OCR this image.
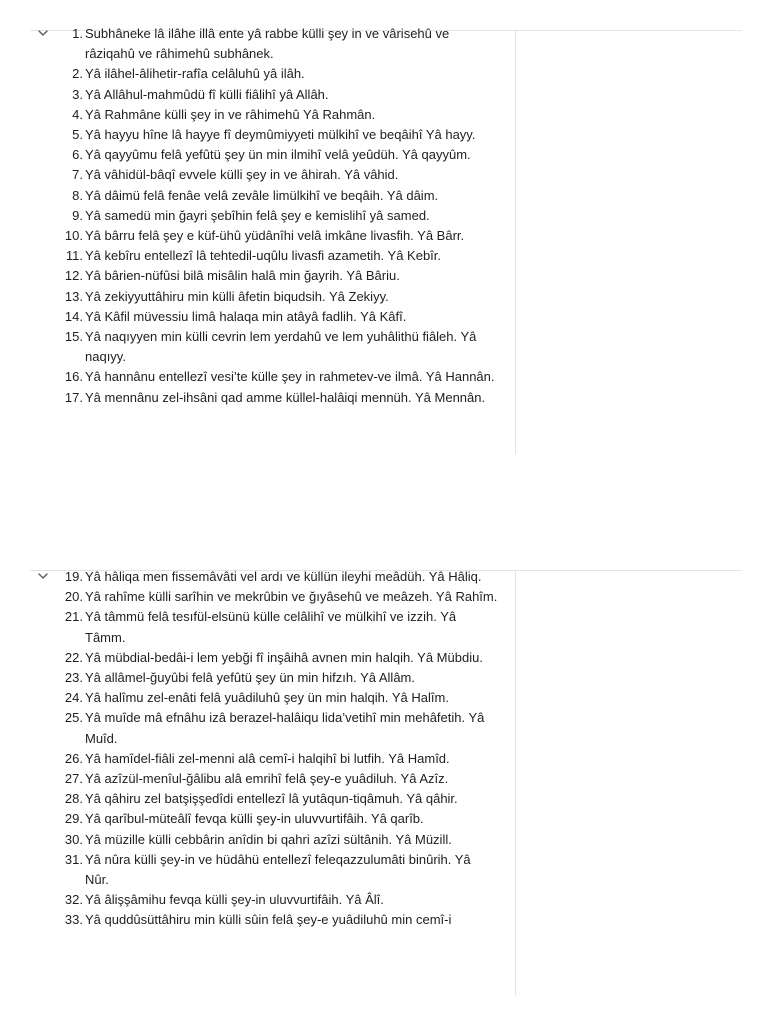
1. Subhâneke lâ ilâhe illâ ente yâ rabbe külli şey in ve vârisehû ve râziqahû ve râhimehû subhânek.
2. Yâ ilâhel-âlihetir-rafîa celâluhû yâ ilâh.
3. Yâ Allâhul-mahmûdü fî külli fiâlihî yâ Allâh.
4. Yâ Rahmâne külli şey in ve râhimehû Yâ Rahmân.
5. Yâ hayyu hîne lâ hayye fî deymûmiyyeti mülkihî ve beqâihî Yâ hayy.
6. Yâ qayyûmu felâ yefûtü şey ün min ilmihî velâ yeûdüh. Yâ qayyûm.
7. Yâ vâhidül-bâqî evvele külli şey in ve âhirah. Yâ vâhid.
8. Yâ dâimü felâ fenâe velâ zevâle limülkihî ve beqâih. Yâ dâim.
9. Yâ samedü min ğayri şebîhin felâ şey e kemislihî yâ samed.
10. Yâ bârru felâ şey e küf-ühû yüdânîhi velâ imkâne livasfih. Yâ Bârr.
11. Yâ kebîru entellezî lâ tehtedil-uqûlu livasfi azametih. Yâ Kebîr.
12. Yâ bârien-nüfûsi bilâ misâlin halâ min ğayrih. Yâ Bâriu.
13. Yâ zekiyyuttâhiru min külli âfetin biqudsih. Yâ Zekiyy.
14. Yâ Kâfil müvessiu limâ halaqa min atâyâ fadlih. Yâ Kâfî.
15. Yâ naqıyyen min külli cevrin lem yerdahû ve lem yuhâlithü fiâleh. Yâ naqıyy.
16. Yâ hannânu entellezî vesi’te külle şey in rahmetev-ve ilmâ. Yâ Hannân.
17. Yâ mennânu zel-ihsâni qad amme küllel-halâiqi mennüh. Yâ Mennân.
19. Yâ hâliqa men fissemâvâti vel ardı ve küllün ileyhi meâdüh. Yâ Hâliq.
20. Yâ rahîme külli sarîhin ve mekrûbin ve ğıyâsehû ve meâzeh. Yâ Rahîm.
21. Yâ tâmmü felâ tesıfül-elsünü külle celâlihî ve mülkihî ve izzih. Yâ Tâmm.
22. Yâ mübdial-bedâi-i lem yebği fî inşâihâ avnen min halqih. Yâ Mübdiu.
23. Yâ allâmel-ğuyûbi felâ yefûtü şey ün min hifzıh. Yâ Allâm.
24. Yâ halîmu zel-enâti felâ yuâdiluhû şey ün min halqih. Yâ Halîm.
25. Yâ muîde mâ efnâhu izâ berazel-halâiqu lida’vetihî min mehâfetih. Yâ Muîd.
26. Yâ hamîdel-fiâli zel-menni alâ cemî-i halqihî bi lutfih. Yâ Hamîd.
27. Yâ azîzül-menîul-ğâlibu alâ emrihî felâ şey-e yuâdiluh. Yâ Azîz.
28. Yâ qâhiru zel batşişşedîdi entellezî lâ yutâqun-tiqâmuh. Yâ qâhir.
29. Yâ qarîbul-müteâlî fevqa külli şey-in uluvvurtifâih. Yâ qarîb.
30. Yâ müzille külli cebbârin anîdin bi qahri azîzi sültânih. Yâ Müzill.
31. Yâ nûra külli şey-in ve hüdâhü entellezî feleqazzulumâti binûrih. Yâ Nûr.
32. Yâ âlişşâmihu fevqa külli şey-in uluvvurtifâih. Yâ Âlî.
33. Yâ quddûsüttâhiru min külli sûin felâ şey-e yuâdiluhû min cemî-i
